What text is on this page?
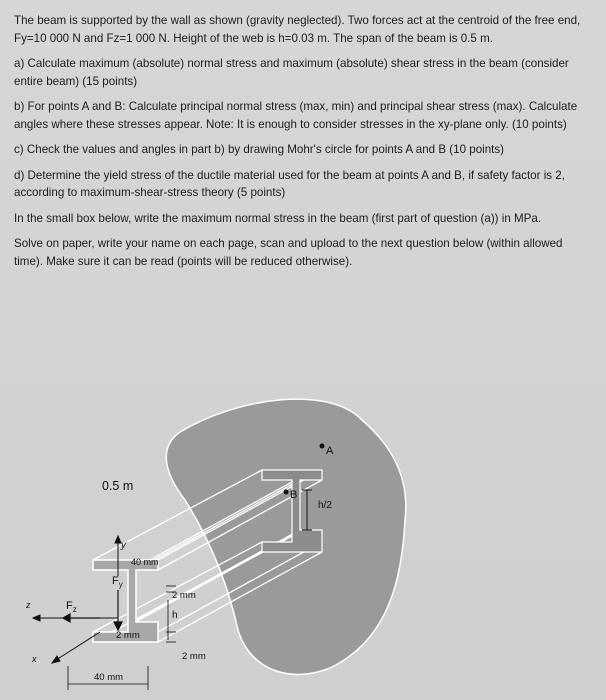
The beam is supported by the wall as shown (gravity neglected). Two forces act at the centroid of the free end, Fy=10 000 N and Fz=1 000 N. Height of the web is h=0.03 m. The span of the beam is 0.5 m.

a) Calculate maximum (absolute) normal stress and maximum (absolute) shear stress in the beam (consider entire beam) (15 points)

b) For points A and B: Calculate principal normal stress (max, min) and principal shear stress (max). Calculate angles where these stresses appear. Note: It is enough to consider stresses in the xy-plane only. (10 points)

c) Check the values and angles in part b) by drawing Mohr's circle for points A and B (10 points)

d) Determine the yield stress of the ductile material used for the beam at points A and B, if safety factor is 2, according to maximum-shear-stress theory (5 points)

In the small box below, write the maximum normal stress in the beam (first part of question (a)) in MPa.

Solve on paper, write your name on each page, scan and upload to the next question below (within allowed time). Make sure it can be read (points will be reduced otherwise).

A
B
h/2
0.5 m
y
40 mm
$F_y$
z	$F_z$
x
2 mm
h
2 mm
2 mm
40 mm
